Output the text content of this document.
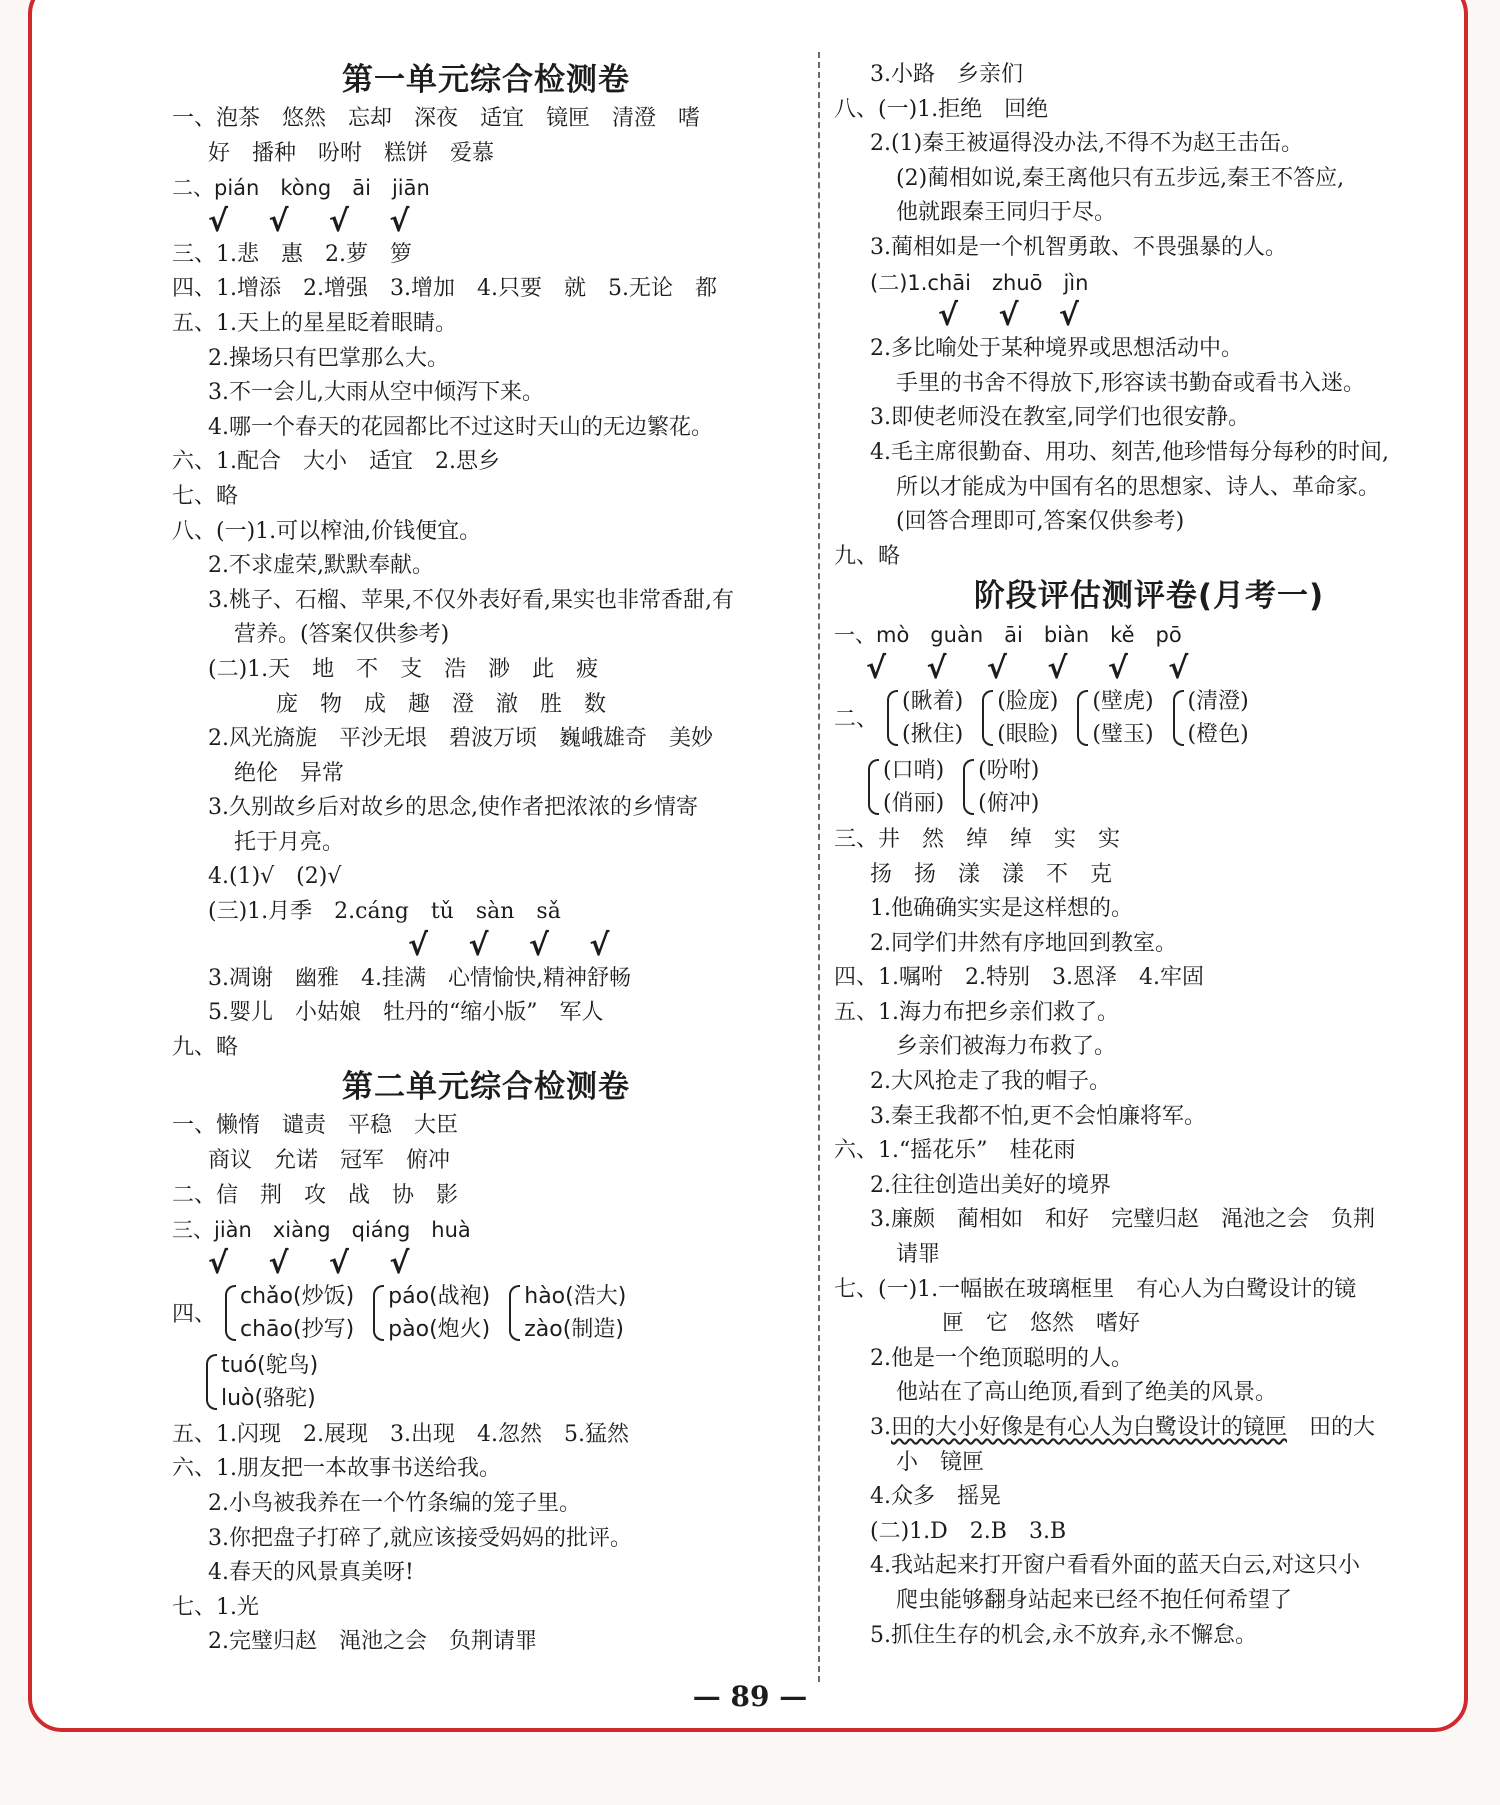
第一单元综合检测卷
一、泡茶　悠然　忘却　深夜　适宜　镜匣　清澄　嗜
好　播种　吩咐　糕饼　爱慕
二、pián　kòng　āi　jiān
√　 √　 √　 √
三、1.悲　惠　2.萝　箩
四、1.增添　2.增强　3.增加　4.只要　就　5.无论　都
五、1.天上的星星眨着眼睛。
2.操场只有巴掌那么大。
3.不一会儿,大雨从空中倾泻下来。
4.哪一个春天的花园都比不过这时天山的无边繁花。
六、1.配合　大小　适宜　2.思乡
七、略
八、(一)1.可以榨油,价钱便宜。
2.不求虚荣,默默奉献。
3.桃子、石榴、苹果,不仅外表好看,果实也非常香甜,有
营养。(答案仅供参考)
(二)1.天　地　不　支　浩　渺　此　疲
庞　物　成　趣　澄　澈　胜　数
2.风光旖旎　平沙无垠　碧波万顷　巍峨雄奇　美妙
绝伦　异常
3.久别故乡后对故乡的思念,使作者把浓浓的乡情寄
托于月亮。
4.(1)√　(2)√
(三)1.月季　2.cáng　tǔ　sàn　sǎ
√　 √　 √　 √
3.凋谢　幽雅　4.挂满　心情愉快,精神舒畅
5.婴儿　小姑娘　牡丹的“缩小版”　军人
九、略
第二单元综合检测卷
一、懒惰　谴责　平稳　大臣
商议　允诺　冠军　俯冲
二、信　荆　攻　战　协　影
三、jiàn　xiàng　qiáng　huà
√　 √　 √　 √
四、
chǎo(炒饭)
chāo(抄写)

páo(战袍)
pào(炮火)

hào(浩大)
zào(制造)
tuó(鸵鸟)
luò(骆驼)
五、1.闪现　2.展现　3.出现　4.忽然　5.猛然
六、1.朋友把一本故事书送给我。
2.小鸟被我养在一个竹条编的笼子里。
3.你把盘子打碎了,就应该接受妈妈的批评。
4.春天的风景真美呀!
七、1.光
2.完璧归赵　渑池之会　负荆请罪
3.小路　乡亲们
八、(一)1.拒绝　回绝
2.(1)秦王被逼得没办法,不得不为赵王击缶。
(2)蔺相如说,秦王离他只有五步远,秦王不答应,
他就跟秦王同归于尽。
3.蔺相如是一个机智勇敢、不畏强暴的人。
(二)1.chāi　zhuō　jìn
√　 √　 √
2.多比喻处于某种境界或思想活动中。
手里的书舍不得放下,形容读书勤奋或看书入迷。
3.即使老师没在教室,同学们也很安静。
4.毛主席很勤奋、用功、刻苦,他珍惜每分每秒的时间,
所以才能成为中国有名的思想家、诗人、革命家。
(回答合理即可,答案仅供参考)
九、略
阶段评估测评卷(月考一)
一、mò　guàn　āi　biàn　kě　pō
√　 √　 √　 √　 √　 √
二、
(瞅着)
(揪住)

(脸庞)
(眼睑)

(壁虎)
(璧玉)

(清澄)
(橙色)
(口哨)
(俏丽)

(吩咐)
(俯冲)
三、井　然　绰　绰　实　实
扬　扬　漾　漾　不　克
1.他确确实实是这样想的。
2.同学们井然有序地回到教室。
四、1.嘱咐　2.特别　3.恩泽　4.牢固
五、1.海力布把乡亲们救了。
乡亲们被海力布救了。
2.大风抢走了我的帽子。
3.秦王我都不怕,更不会怕廉将军。
六、1.“摇花乐”　桂花雨
2.往往创造出美好的境界
3.廉颇　蔺相如　和好　完璧归赵　渑池之会　负荆
请罪
七、(一)1.一幅嵌在玻璃框里　有心人为白鹭设计的镜
匣　它　悠然　嗜好
2.他是一个绝顶聪明的人。
他站在了高山绝顶,看到了绝美的风景。
3.田的大小好像是有心人为白鹭设计的镜匣　田的大
小　镜匣
4.众多　摇晃
(二)1.D　2.B　3.B
4.我站起来打开窗户看看外面的蓝天白云,对这只小
爬虫能够翻身站起来已经不抱任何希望了
5.抓住生存的机会,永不放弃,永不懈怠。
— 89 —
